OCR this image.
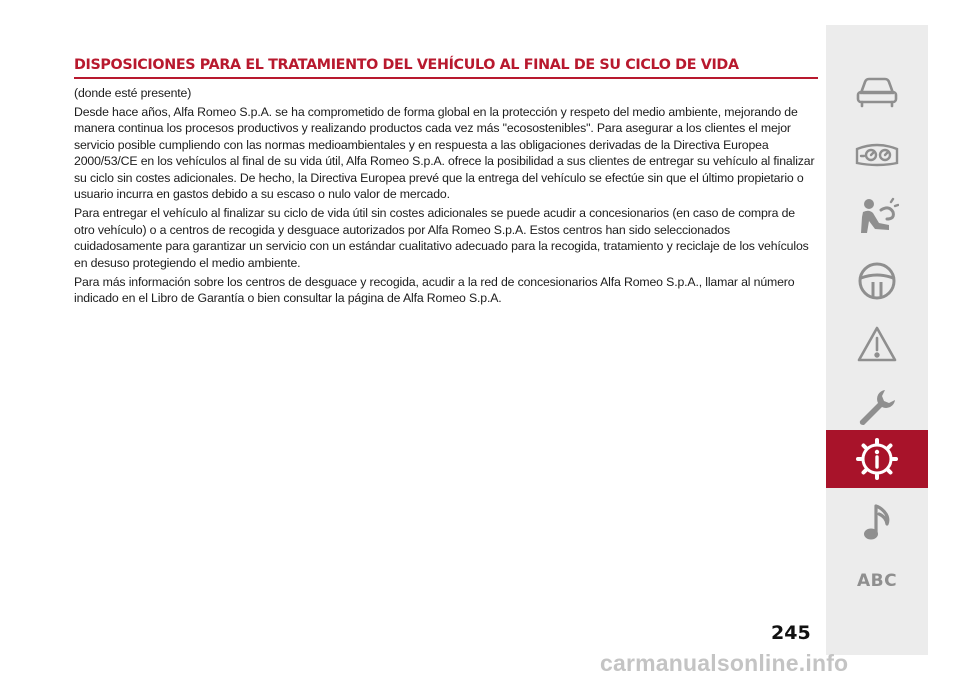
DISPOSICIONES PARA EL TRATAMIENTO DEL VEHÍCULO AL FINAL DE SU CICLO DE VIDA

(donde esté presente)

Desde hace años, Alfa Romeo S.p.A. se ha comprometido de forma global en la protección y respeto del medio ambiente, mejorando de manera continua los procesos productivos y realizando productos cada vez más "ecosostenibles". Para asegurar a los clientes el mejor servicio posible cumpliendo con las normas medioambientales y en respuesta a las obligaciones derivadas de la Directiva Europea 2000/53/CE en los vehículos al final de su vida útil, Alfa Romeo S.p.A. ofrece la posibilidad a sus clientes de entregar su vehículo al finalizar su ciclo sin costes adicionales. De hecho, la Directiva Europea prevé que la entrega del vehículo se efectúe sin que el último propietario o usuario incurra en gastos debido a su escaso o nulo valor de mercado.

Para entregar el vehículo al finalizar su ciclo de vida útil sin costes adicionales se puede acudir a concesionarios (en caso de compra de otro vehículo) o a centros de recogida y desguace autorizados por Alfa Romeo S.p.A. Estos centros han sido seleccionados cuidadosamente para garantizar un servicio con un estándar cualitativo adecuado para la recogida, tratamiento y reciclaje de los vehículos en desuso protegiendo el medio ambiente.

Para más información sobre los centros de desguace y recogida, acudir a la red de concesionarios Alfa Romeo S.p.A., llamar al número indicado en el Libro de Garantía o bien consultar la página de Alfa Romeo S.p.A.

245
ABC
carmanualsonline.info
